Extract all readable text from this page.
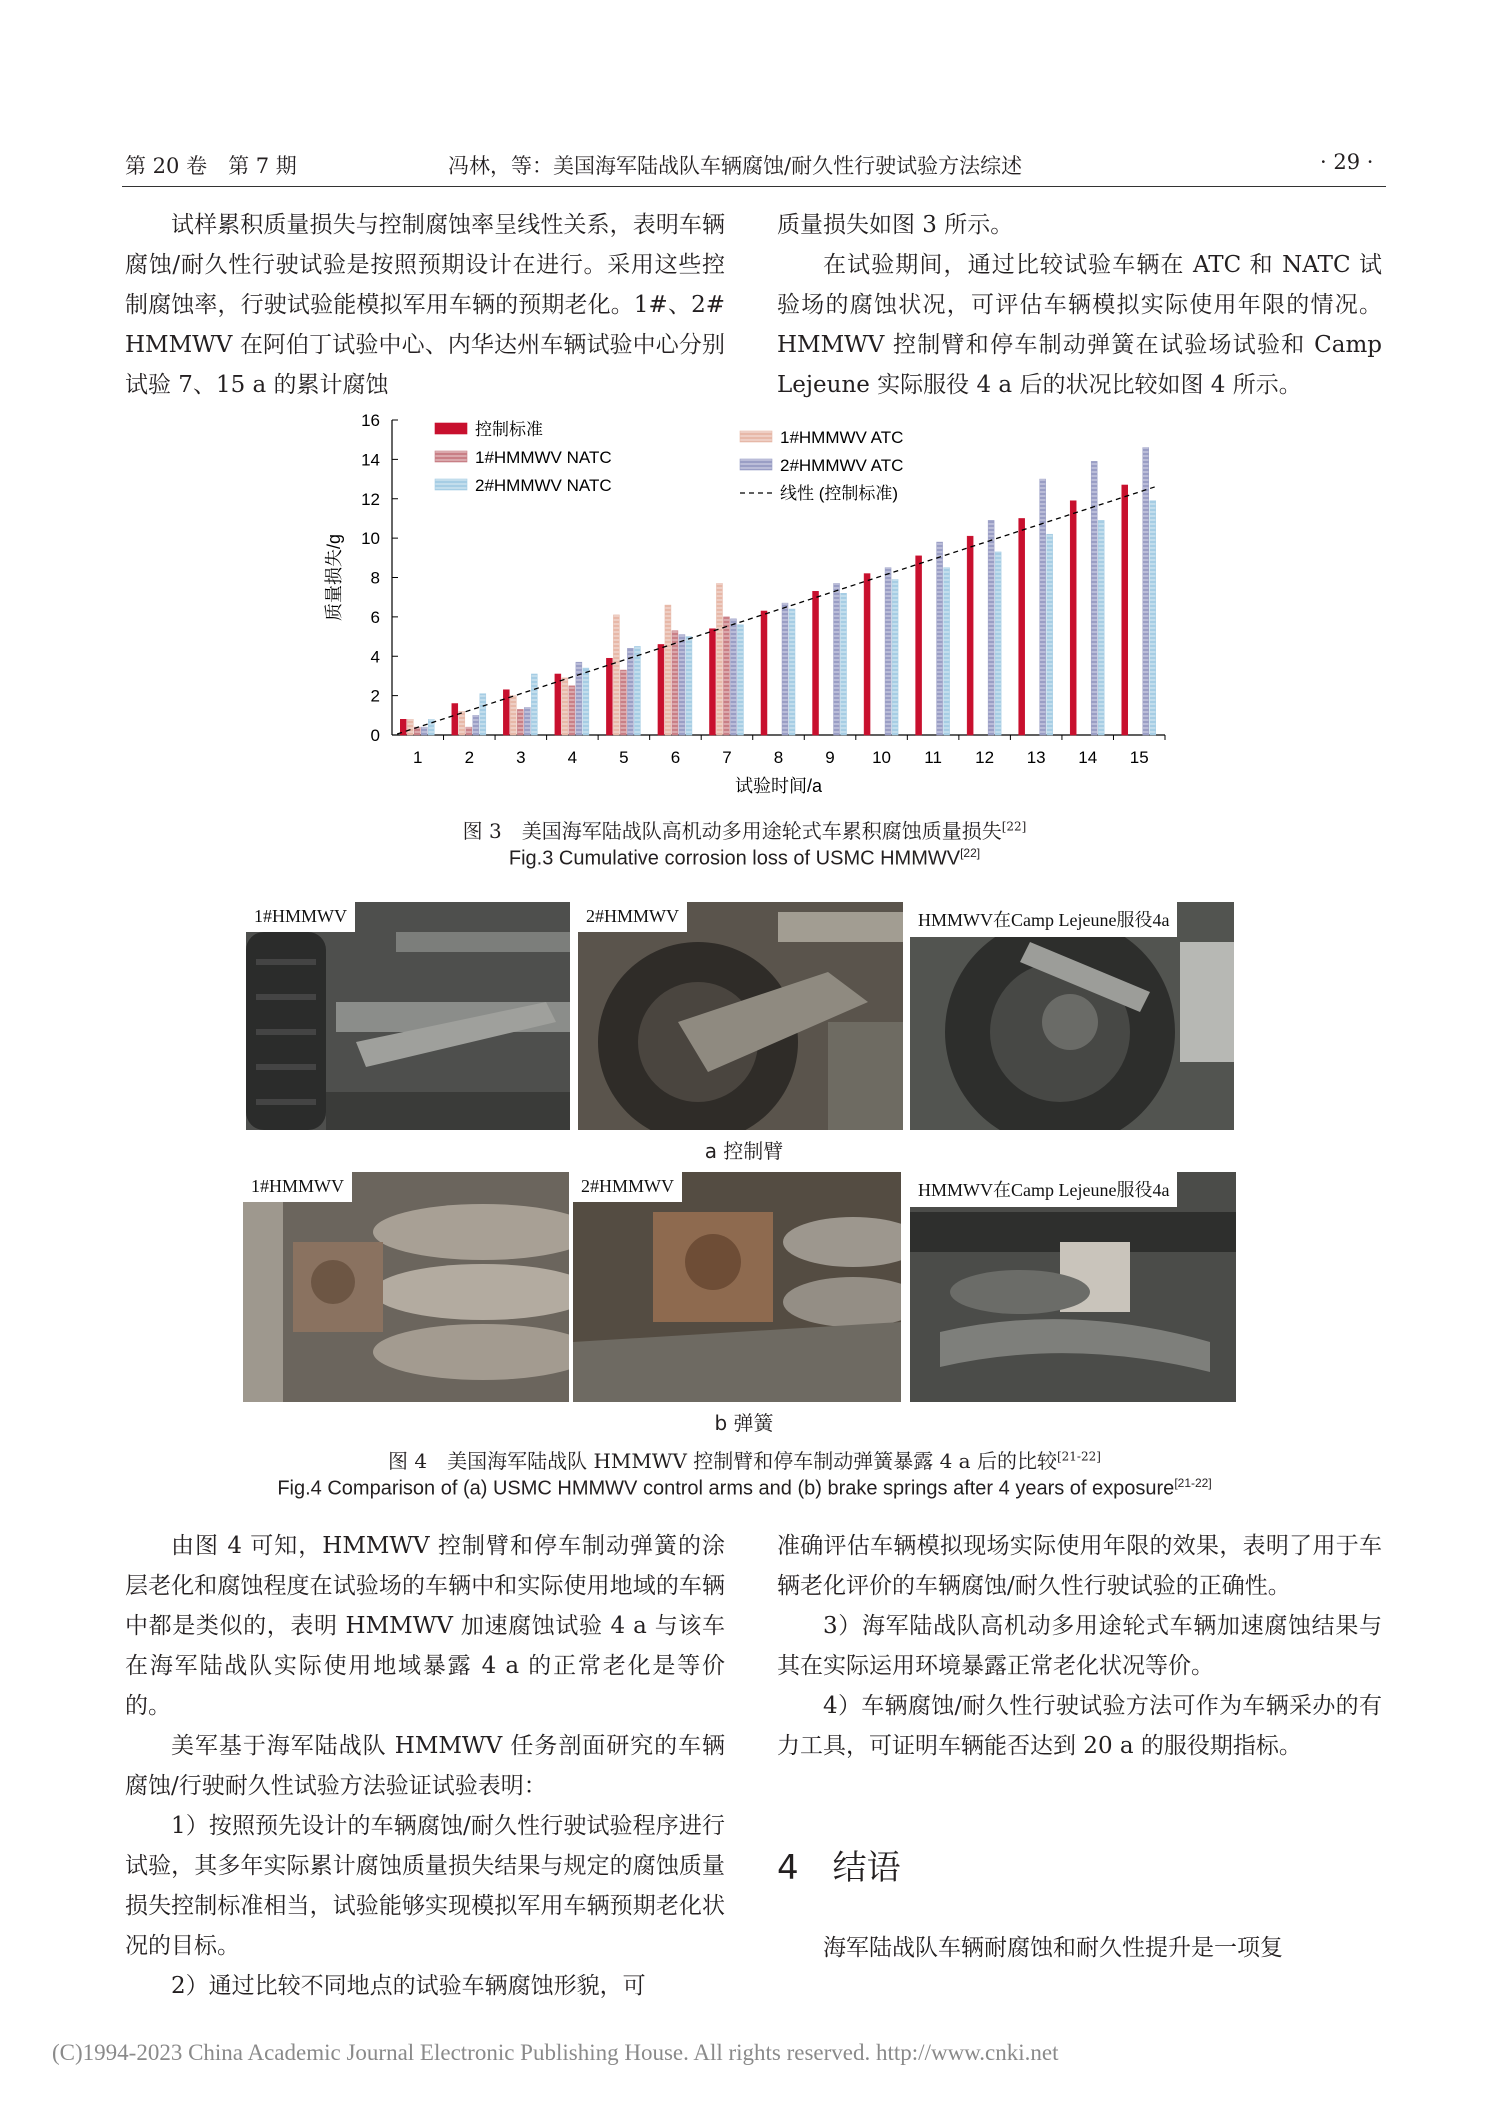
第 20 卷　第 7 期	冯林，等：美国海军陆战队车辆腐蚀/耐久性行驶试验方法综述	· 29 ·

试样累积质量损失与控制腐蚀率呈线性关系，表明车辆腐蚀/耐久性行驶试验是按照预期设计在进行。采用这些控制腐蚀率，行驶试验能模拟军用车辆的预期老化。1#、2# HMMWV 在阿伯丁试验中心、内华达州车辆试验中心分别试验 7、15 a 的累计腐蚀

质量损失如图 3 所示。

在试验期间，通过比较试验车辆在 ATC 和 NATC 试验场的腐蚀状况，可评估车辆模拟实际使用年限的情况。HMMWV 控制臂和停车制动弹簧在试验场试验和 Camp Lejeune 实际服役 4 a 后的状况比较如图 4 所示。

0
2
4
6
8
10
12
14
16
1 2 3 4 5 6 7 8 9 10 11 12 13 14 15
试验时间/a
质量损失/g
控制标准
1#HMMWV NATC
2#HMMWV NATC
1#HMMWV ATC
2#HMMWV ATC
线性 (控制标准)
图 3　美国海军陆战队高机动多用途轮式车累积腐蚀质量损失[22]
Fig.3 Cumulative corrosion loss of USMC HMMWV[22]
1#HMMWV	2#HMMWV	HMMWV在Camp Lejeune服役4a
a 控制臂
1#HMMWV	2#HMMWV	HMMWV在Camp Lejeune服役4a
b 弹簧
图 4　美国海军陆战队 HMMWV 控制臂和停车制动弹簧暴露 4 a 后的比较[21-22]
Fig.4 Comparison of (a) USMC HMMWV control arms and (b) brake springs after 4 years of exposure[21-22]

由图 4 可知，HMMWV 控制臂和停车制动弹簧的涂层老化和腐蚀程度在试验场的车辆中和实际使用地域的车辆中都是类似的，表明 HMMWV 加速腐蚀试验 4 a 与该车在海军陆战队实际使用地域暴露 4 a 的正常老化是等价的。

美军基于海军陆战队 HMMWV 任务剖面研究的车辆腐蚀/行驶耐久性试验方法验证试验表明：

1）按照预先设计的车辆腐蚀/耐久性行驶试验程序进行试验，其多年实际累计腐蚀质量损失结果与规定的腐蚀质量损失控制标准相当，试验能够实现模拟军用车辆预期老化状况的目标。

2）通过比较不同地点的试验车辆腐蚀形貌，可

准确评估车辆模拟现场实际使用年限的效果，表明了用于车辆老化评价的车辆腐蚀/耐久性行驶试验的正确性。

3）海军陆战队高机动多用途轮式车辆加速腐蚀结果与其在实际运用环境暴露正常老化状况等价。

4）车辆腐蚀/耐久性行驶试验方法可作为车辆采办的有力工具，可证明车辆能否达到 20 a 的服役期指标。

4　结语

海军陆战队车辆耐腐蚀和耐久性提升是一项复

(C)1994-2023 China Academic Journal Electronic Publishing House. All rights reserved. http://www.cnki.net
